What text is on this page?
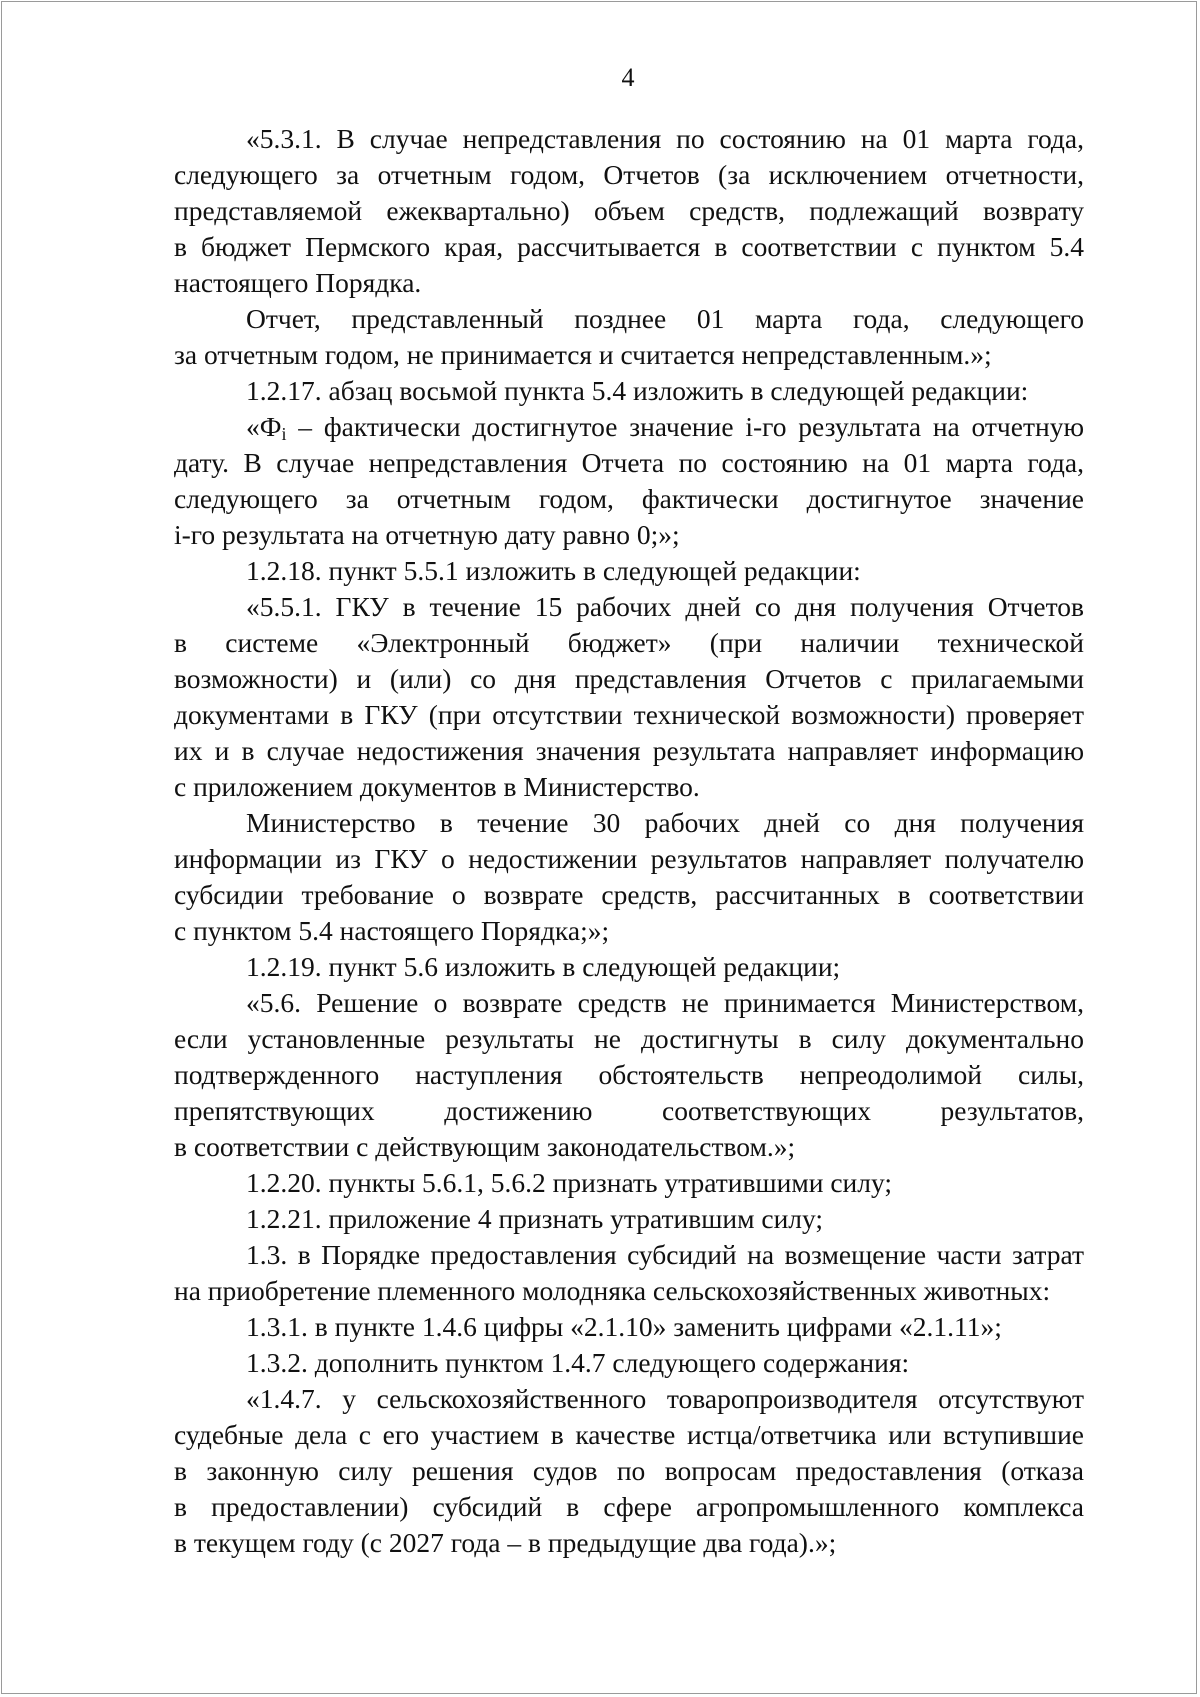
4

«5.3.1. В случае непредставления по состоянию на 01 марта года,

следующего за отчетным годом, Отчетов (за исключением отчетности,

представляемой ежеквартально) объем средств, подлежащий возврату

в бюджет Пермского края, рассчитывается в соответствии с пунктом 5.4

настоящего Порядка.

Отчет, представленный позднее 01 марта года, следующего

за отчетным годом, не принимается и считается непредставленным.»;

1.2.17. абзац восьмой пункта 5.4 изложить в следующей редакции:

«$Ф_i$ – фактически достигнутое значение i-го результата на отчетную

дату. В случае непредставления Отчета по состоянию на 01 марта года,

следующего за отчетным годом, фактически достигнутое значение

i-го результата на отчетную дату равно 0;»;

1.2.18. пункт 5.5.1 изложить в следующей редакции:

«5.5.1. ГКУ в течение 15 рабочих дней со дня получения Отчетов

в системе «Электронный бюджет» (при наличии технической

возможности) и (или) со дня представления Отчетов с прилагаемыми

документами в ГКУ (при отсутствии технической возможности) проверяет

их и в случае недостижения значения результата направляет информацию

с приложением документов в Министерство.

Министерство в течение 30 рабочих дней со дня получения

информации из ГКУ о недостижении результатов направляет получателю

субсидии требование о возврате средств, рассчитанных в соответствии

с пунктом 5.4 настоящего Порядка;»;

1.2.19. пункт 5.6 изложить в следующей редакции;

«5.6. Решение о возврате средств не принимается Министерством,

если установленные результаты не достигнуты в силу документально

подтвержденного наступления обстоятельств непреодолимой силы,

препятствующих достижению соответствующих результатов,

в соответствии с действующим законодательством.»;

1.2.20. пункты 5.6.1, 5.6.2 признать утратившими силу;

1.2.21. приложение 4 признать утратившим силу;

1.3. в Порядке предоставления субсидий на возмещение части затрат

на приобретение племенного молодняка сельскохозяйственных животных:

1.3.1. в пункте 1.4.6 цифры «2.1.10» заменить цифрами «2.1.11»;

1.3.2. дополнить пунктом 1.4.7 следующего содержания:

«1.4.7. у сельскохозяйственного товаропроизводителя отсутствуют

судебные дела с его участием в качестве истца/ответчика или вступившие

в законную силу решения судов по вопросам предоставления (отказа

в предоставлении) субсидий в сфере агропромышленного комплекса

в текущем году (с 2027 года – в предыдущие два года).»;
